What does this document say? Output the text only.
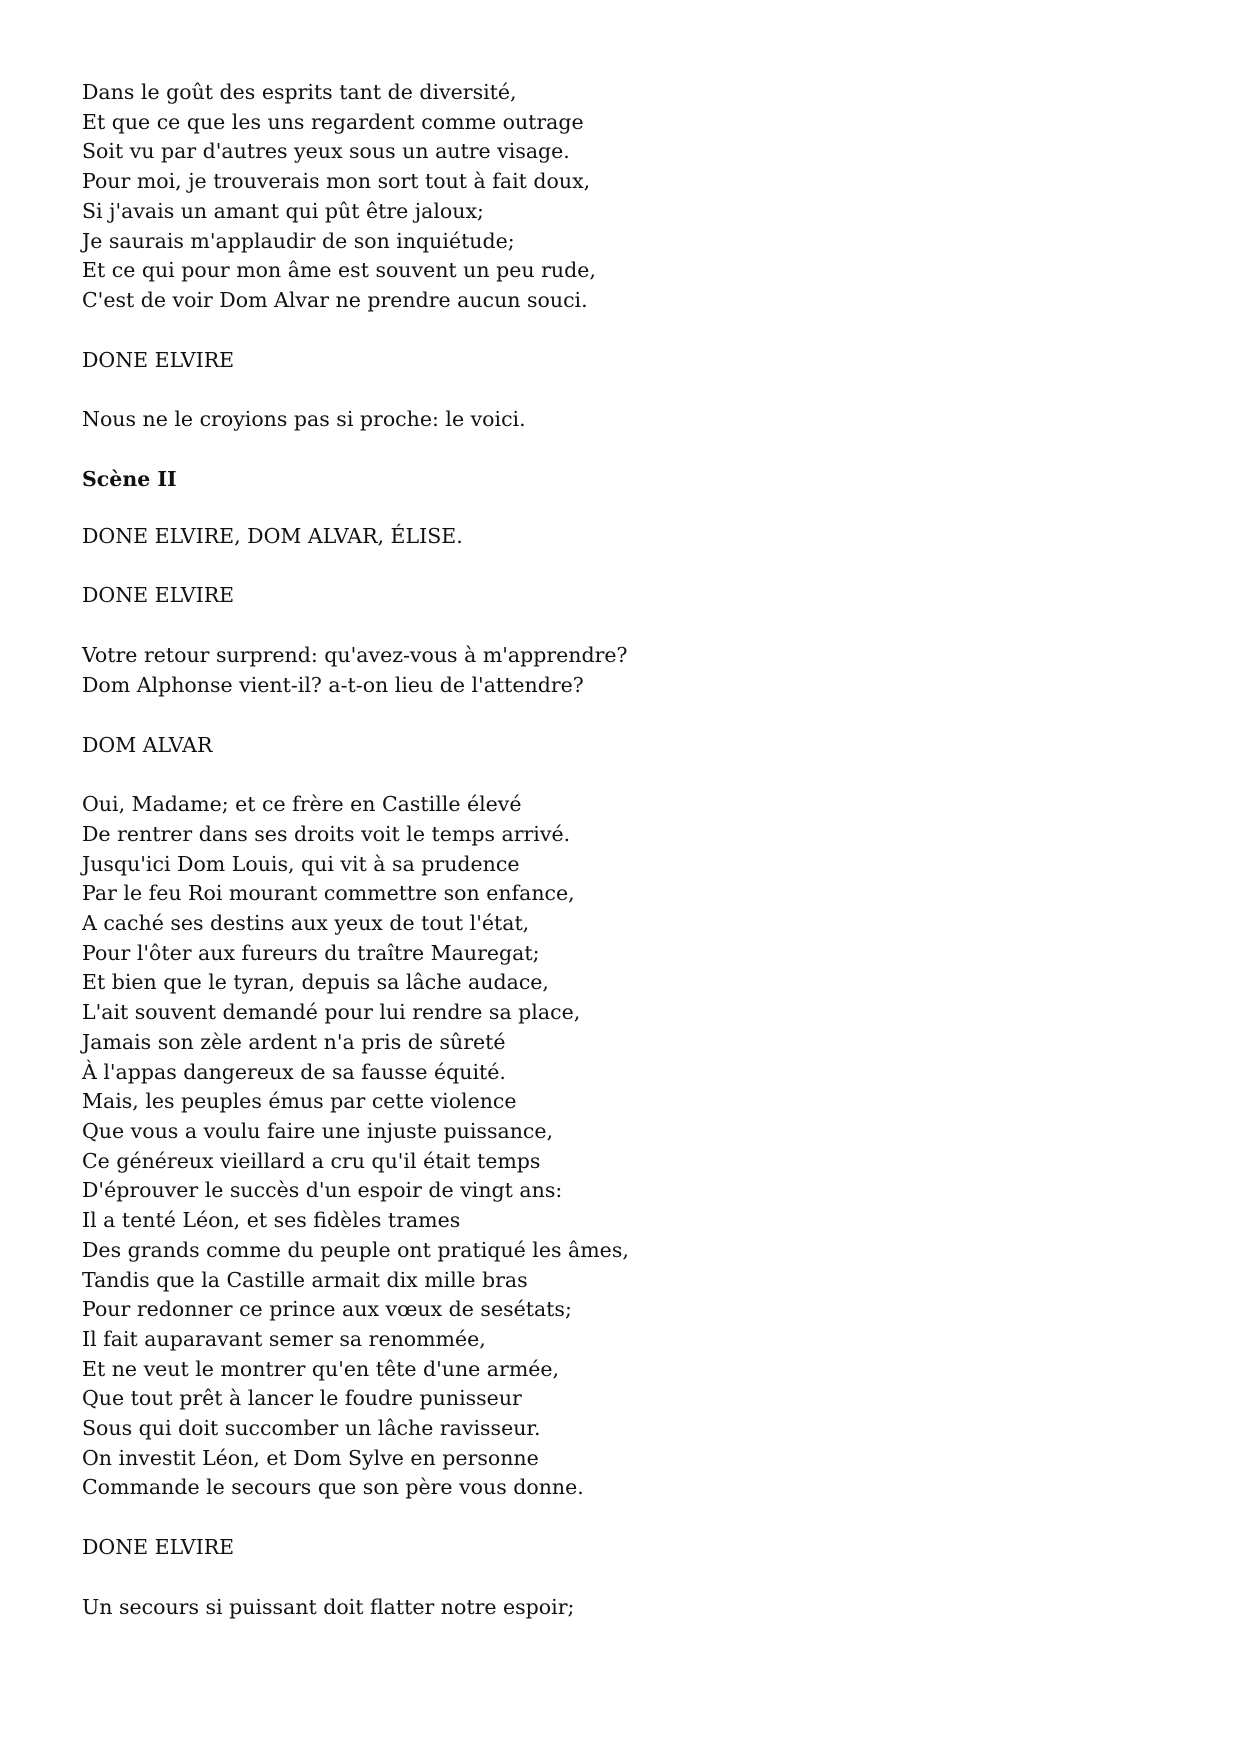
Dans le goût des esprits tant de diversité,
Et que ce que les uns regardent comme outrage
Soit vu par d'autres yeux sous un autre visage.
Pour moi, je trouverais mon sort tout à fait doux,
Si j'avais un amant qui pût être jaloux;
Je saurais m'applaudir de son inquiétude;
Et ce qui pour mon âme est souvent un peu rude,
C'est de voir Dom Alvar ne prendre aucun souci.
DONE ELVIRE
Nous ne le croyions pas si proche: le voici.
Scène II
DONE ELVIRE, DOM ALVAR, ÉLISE.
DONE ELVIRE
Votre retour surprend: qu'avez-vous à m'apprendre?
Dom Alphonse vient-il? a-t-on lieu de l'attendre?
DOM ALVAR
Oui, Madame; et ce frère en Castille élevé
De rentrer dans ses droits voit le temps arrivé.
Jusqu'ici Dom Louis, qui vit à sa prudence
Par le feu Roi mourant commettre son enfance,
A caché ses destins aux yeux de tout l'état,
Pour l'ôter aux fureurs du traître Mauregat;
Et bien que le tyran, depuis sa lâche audace,
L'ait souvent demandé pour lui rendre sa place,
Jamais son zèle ardent n'a pris de sûreté
À l'appas dangereux de sa fausse équité.
Mais, les peuples émus par cette violence
Que vous a voulu faire une injuste puissance,
Ce généreux vieillard a cru qu'il était temps
D'éprouver le succès d'un espoir de vingt ans:
Il a tenté Léon, et ses fidèles trames
Des grands comme du peuple ont pratiqué les âmes,
Tandis que la Castille armait dix mille bras
Pour redonner ce prince aux vœux de sesétats;
Il fait auparavant semer sa renommée,
Et ne veut le montrer qu'en tête d'une armée,
Que tout prêt à lancer le foudre punisseur
Sous qui doit succomber un lâche ravisseur.
On investit Léon, et Dom Sylve en personne
Commande le secours que son père vous donne.
DONE ELVIRE
Un secours si puissant doit flatter notre espoir;
